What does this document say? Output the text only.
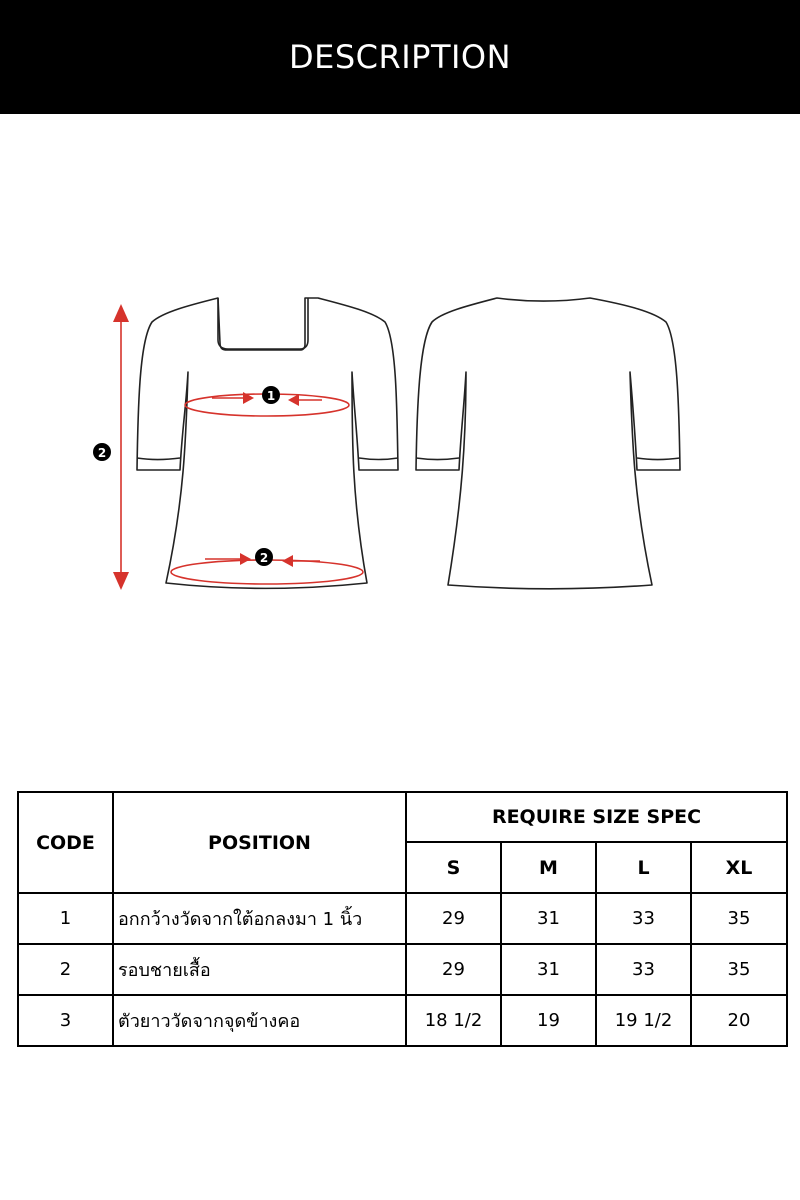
DESCRIPTION
1
2
2
CODE	POSITION	REQUIRE SIZE SPEC			
		S	M	L	XL
1	อกกว้างวัดจากใต้อกลงมา 1 นิ้ว	29	31	33	35
2	รอบชายเสื้อ	29	31	33	35
3	ตัวยาววัดจากจุดข้างคอ	18 1/2	19	19 1/2	20
